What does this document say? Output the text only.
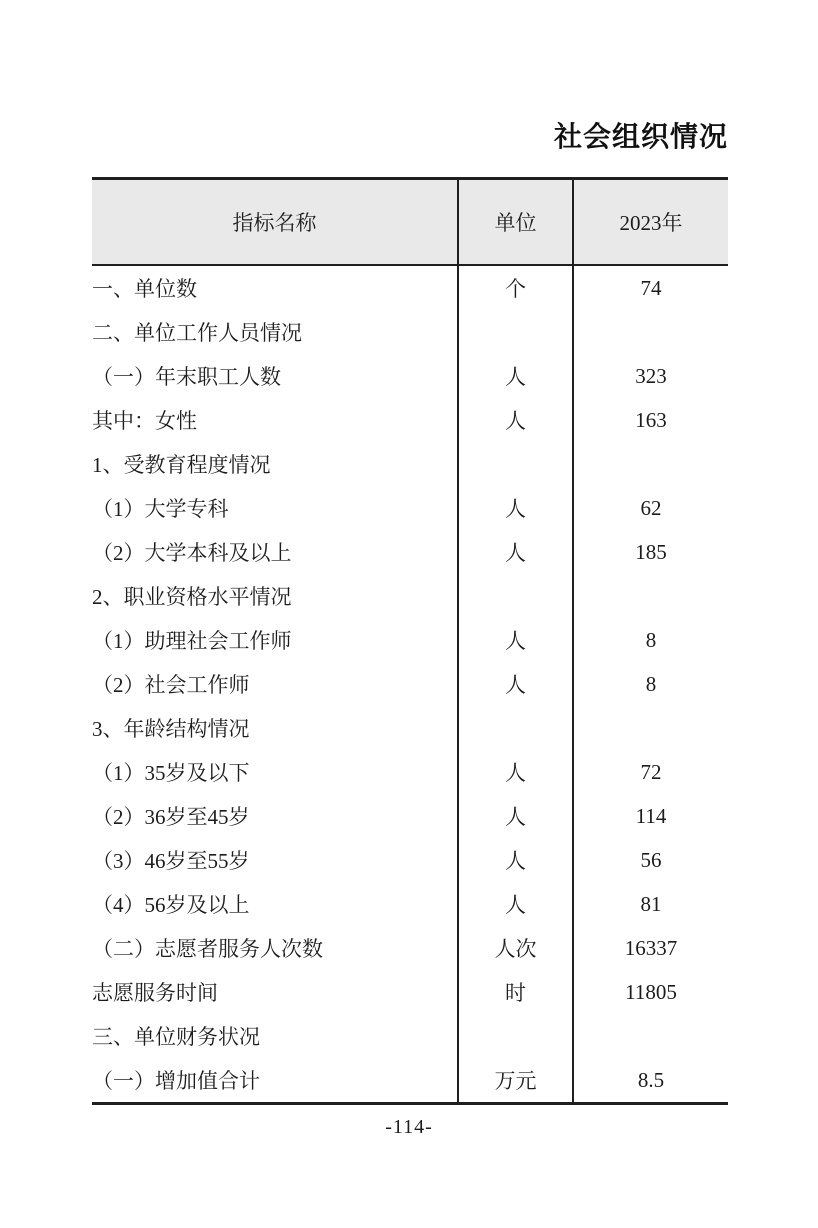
社会组织情况
指标名称	单位	2023年
一、单位数	个	74
二、单位工作人员情况		
（一）年末职工人数	人	323
其中：女性	人	163
1、受教育程度情况		
（1）大学专科	人	62
（2）大学本科及以上	人	185
2、职业资格水平情况		
（1）助理社会工作师	人	8
（2）社会工作师	人	8
3、年龄结构情况		
（1）35岁及以下	人	72
（2）36岁至45岁	人	114
（3）46岁至55岁	人	56
（4）56岁及以上	人	81
（二）志愿者服务人次数	人次	16337
志愿服务时间	时	11805
三、单位财务状况		
（一）增加值合计	万元	8.5
-114-
